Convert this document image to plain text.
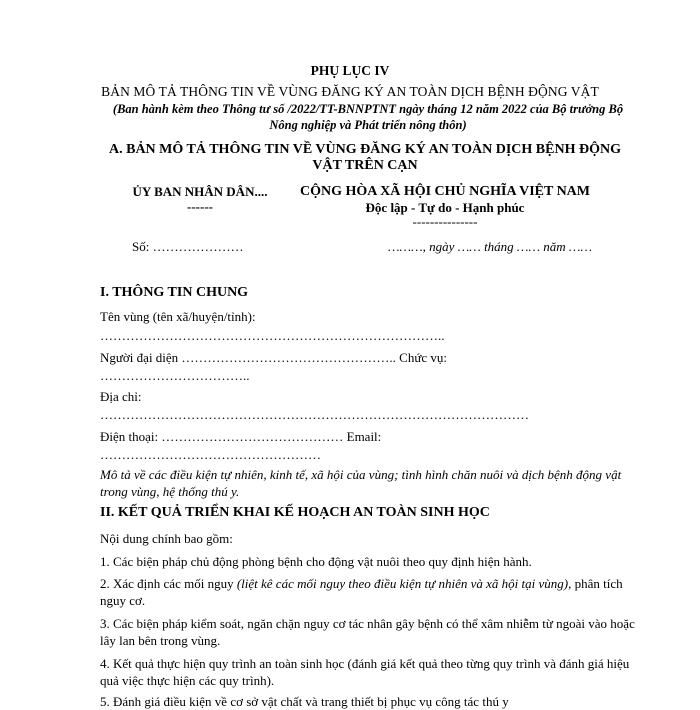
PHỤ LỤC IV
BẢN MÔ TẢ THÔNG TIN VỀ VÙNG ĐĂNG KÝ AN TOÀN DỊCH BỆNH ĐỘNG VẬT
(Ban hành kèm theo Thông tư số /2022/TT-BNNPTNT ngày tháng 12 năm 2022 của Bộ trưởng Bộ Nông nghiệp và Phát triển nông thôn)
A. BẢN MÔ TẢ THÔNG TIN VỀ VÙNG ĐĂNG KÝ AN TOÀN DỊCH BỆNH ĐỘNG VẬT TRÊN CẠN
ỦY BAN NHÂN DÂN....
------
CỘNG HÒA XÃ HỘI CHỦ NGHĨA VIỆT NAM
Độc lập - Tự do - Hạnh phúc
---------------
Số: …………………	………, ngày …… tháng …… năm ……
I. THÔNG TIN CHUNG
Tên vùng (tên xã/huyện/tỉnh):
……………………………………………………………………..
Người đại diện ………………………………………….. Chức vụ:
……………………………..
Địa chỉ:
………………………………………………………………………………………
Điện thoại: …………………………………… Email:
……………………………………………
Mô tả về các điều kiện tự nhiên, kinh tế, xã hội của vùng; tình hình chăn nuôi và dịch bệnh động vật trong vùng, hệ thống thú y.
II. KẾT QUẢ TRIỂN KHAI KẾ HOẠCH AN TOÀN SINH HỌC
Nội dung chính bao gồm:
1. Các biện pháp chủ động phòng bệnh cho động vật nuôi theo quy định hiện hành.
2. Xác định các mối nguy (liệt kê các mối nguy theo điều kiện tự nhiên và xã hội tại vùng), phân tích nguy cơ.
3. Các biện pháp kiểm soát, ngăn chặn nguy cơ tác nhân gây bệnh có thể xâm nhiễm từ ngoài vào hoặc lây lan bên trong vùng.
4. Kết quả thực hiện quy trình an toàn sinh học (đánh giá kết quả theo từng quy trình và đánh giá hiệu quả việc thực hiện các quy trình).
5. Đánh giá điều kiện về cơ sở vật chất và trang thiết bị phục vụ công tác thú y
